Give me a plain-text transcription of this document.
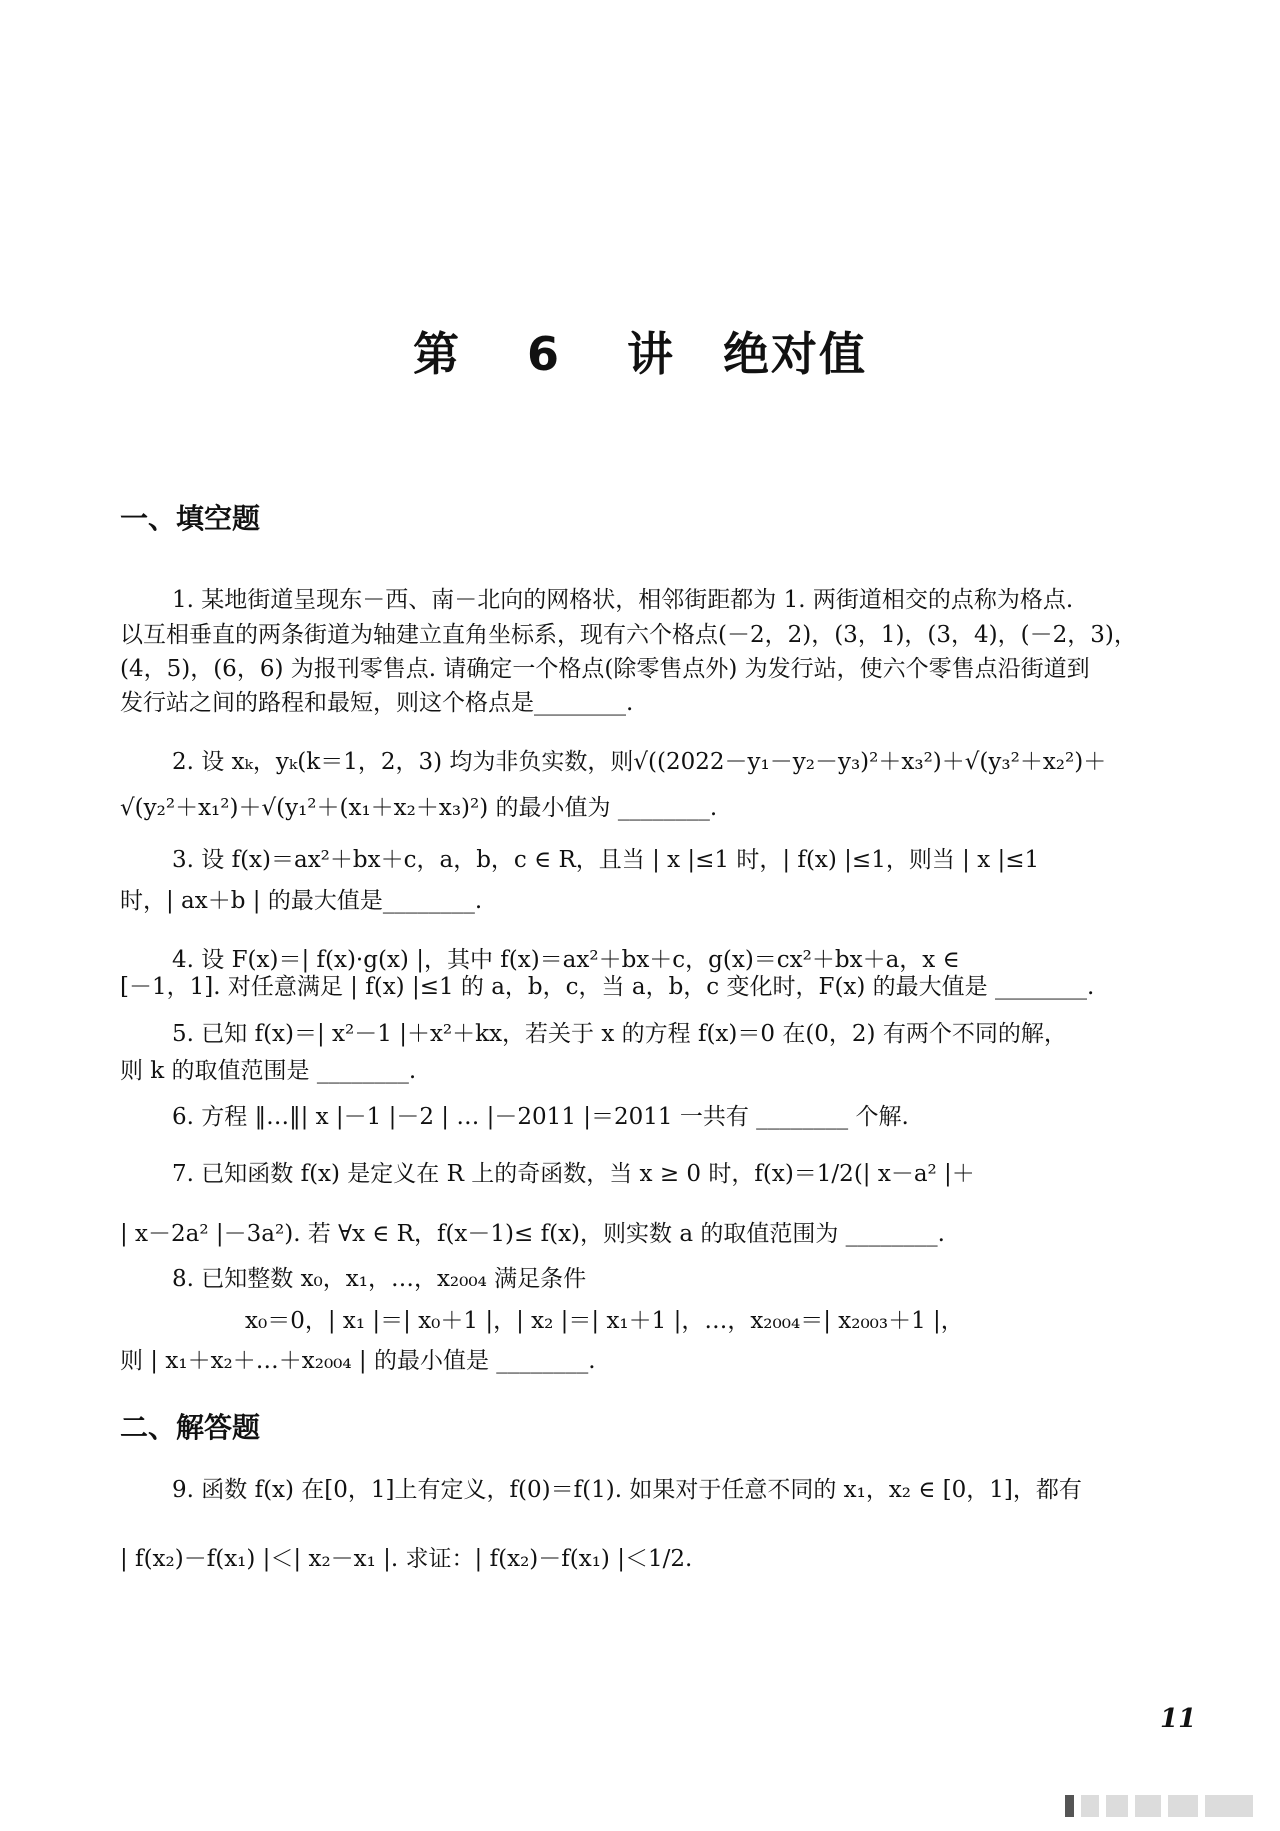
第 6 讲　绝对值
一、填空题
1. 某地街道呈现东－西、南－北向的网格状，相邻街距都为 1. 两街道相交的点称为格点.
以互相垂直的两条街道为轴建立直角坐标系，现有六个格点(－2，2)，(3，1)，(3，4)，(－2，3)，
(4，5)，(6，6) 为报刊零售点. 请确定一个格点(除零售点外) 为发行站，使六个零售点沿街道到
发行站之间的路程和最短，则这个格点是________.
2. 设 xₖ，yₖ(k＝1，2，3) 均为非负实数，则√((2022－y₁－y₂－y₃)²＋x₃²)＋√(y₃²＋x₂²)＋
√(y₂²＋x₁²)＋√(y₁²＋(x₁＋x₂＋x₃)²) 的最小值为 ________.
3. 设 f(x)＝ax²＋bx＋c，a，b，c ∈ R，且当 | x |≤1 时，| f(x) |≤1，则当 | x |≤1
时，| ax＋b | 的最大值是________.
4. 设 F(x)＝| f(x)·g(x) |，其中 f(x)＝ax²＋bx＋c，g(x)＝cx²＋bx＋a，x ∈
[－1，1]. 对任意满足 | f(x) |≤1 的 a，b，c，当 a，b，c 变化时，F(x) 的最大值是 ________.
5. 已知 f(x)＝| x²－1 |＋x²＋kx，若关于 x 的方程 f(x)＝0 在(0，2) 有两个不同的解，
则 k 的取值范围是 ________.
6. 方程 ‖…‖| x |－1 |－2 | … |－2011 |＝2011 一共有 ________ 个解.
7. 已知函数 f(x) 是定义在 R 上的奇函数，当 x ≥ 0 时，f(x)＝1/2(| x－a² |＋
| x－2a² |－3a²). 若 ∀x ∈ R，f(x－1)≤ f(x)，则实数 a 的取值范围为 ________.
8. 已知整数 x₀，x₁，…，x₂₀₀₄ 满足条件
x₀＝0，| x₁ |＝| x₀＋1 |，| x₂ |＝| x₁＋1 |，…，x₂₀₀₄＝| x₂₀₀₃＋1 |，
则 | x₁＋x₂＋…＋x₂₀₀₄ | 的最小值是 ________.
二、解答题
9. 函数 f(x) 在[0，1]上有定义，f(0)＝f(1). 如果对于任意不同的 x₁，x₂ ∈ [0，1]，都有
| f(x₂)－f(x₁) |＜| x₂－x₁ |. 求证：| f(x₂)－f(x₁) |＜1/2.
11
